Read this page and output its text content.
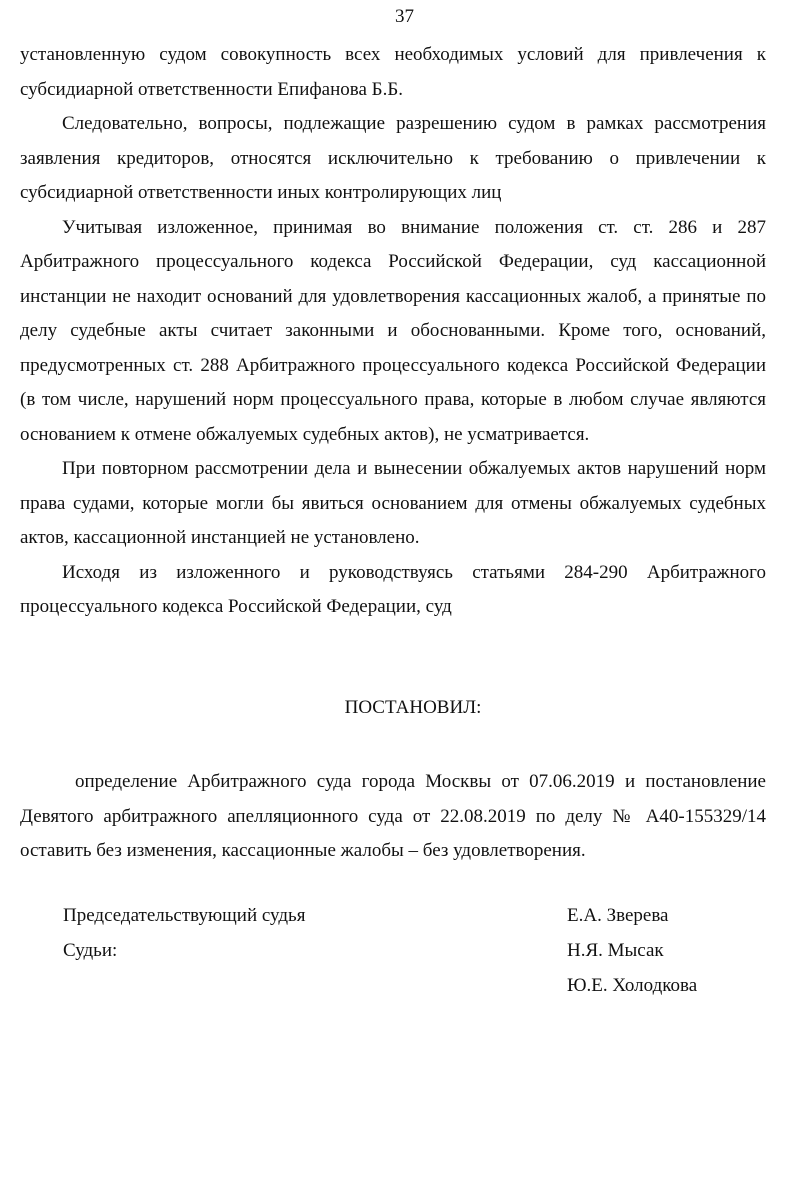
37

установленную судом совокупность всех необходимых условий для привлечения к субсидиарной ответственности Епифанова Б.Б.

Следовательно, вопросы, подлежащие разрешению судом в рамках рассмотрения заявления кредиторов, относятся исключительно к требованию о привлечении к субсидиарной ответственности иных контролирующих лиц

Учитывая изложенное, принимая во внимание положения ст. ст. 286 и 287 Арбитражного процессуального кодекса Российской Федерации, суд кассационной инстанции не находит оснований для удовлетворения кассационных жалоб, а принятые по делу судебные акты считает законными и обоснованными. Кроме того, оснований, предусмотренных ст. 288 Арбитражного процессуального кодекса Российской Федерации (в том числе, нарушений норм процессуального права, которые в любом случае являются основанием к отмене обжалуемых судебных актов), не усматривается.

При повторном рассмотрении дела и вынесении обжалуемых актов нарушений норм права судами, которые могли бы явиться основанием для отмены обжалуемых судебных актов, кассационной инстанцией не установлено.

Исходя из изложенного и руководствуясь статьями 284-290 Арбитражного процессуального кодекса Российской Федерации, суд

ПОСТАНОВИЛ:

определение Арбитражного суда города Москвы от 07.06.2019 и постановление Девятого арбитражного апелляционного суда от 22.08.2019 по делу № А40-155329/14 оставить без изменения, кассационные жалобы – без удовлетворения.

Председательствующий судья	Е.А. Зверева
Судьи:	Н.Я. Мысак
Ю.Е. Холодкова
